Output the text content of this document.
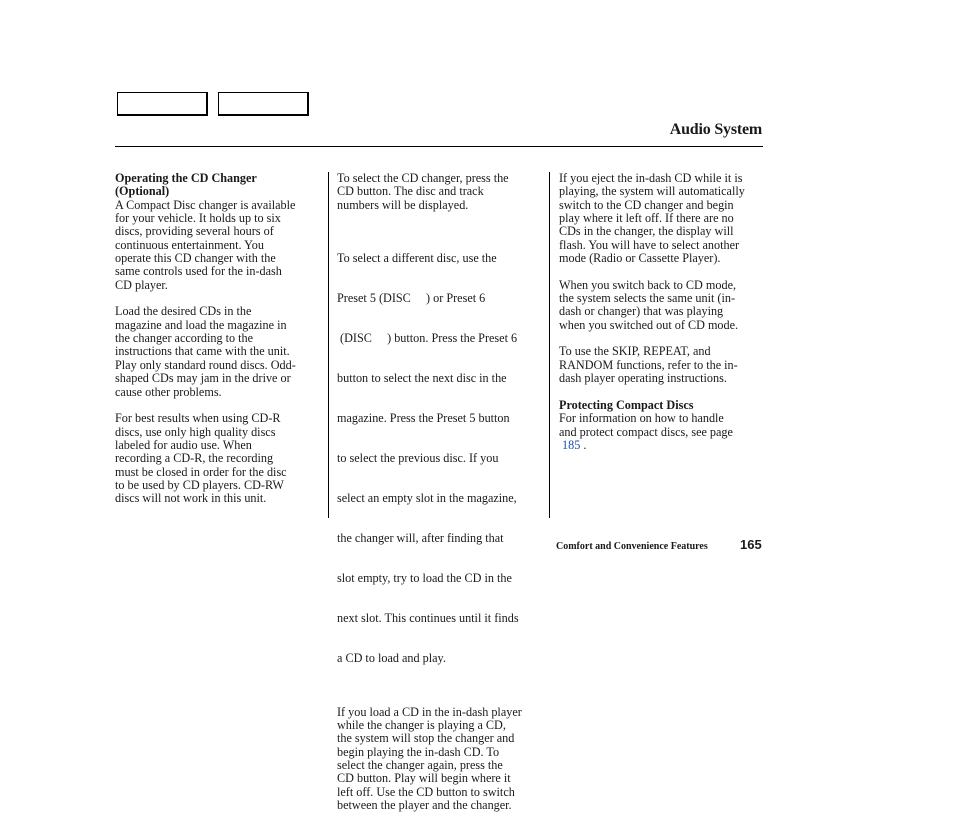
Audio System
Operating the CD Changer
(Optional)

A Compact Disc changer is available
for your vehicle. It holds up to six
discs, providing several hours of
continuous entertainment. You
operate this CD changer with the
same controls used for the in-dash
CD player.

Load the desired CDs in the
magazine and load the magazine in
the changer according to the
instructions that came with the unit.
Play only standard round discs. Odd-
shaped CDs may jam in the drive or
cause other problems.

For best results when using CD-R
discs, use only high quality discs
labeled for audio use. When
recording a CD-R, the recording
must be closed in order for the disc
to be used by CD players. CD-RW
discs will not work in this unit.

To select the CD changer, press the
CD button. The disc and track
numbers will be displayed.

To select a different disc, use the

Preset 5 (DISC     ) or Preset 6

(DISC     ) button. Press the Preset 6

button to select the next disc in the

magazine. Press the Preset 5 button

to select the previous disc. If you

select an empty slot in the magazine,

the changer will, after finding that

slot empty, try to load the CD in the

next slot. This continues until it finds

a CD to load and play.

If you load a CD in the in-dash player
while the changer is playing a CD,
the system will stop the changer and
begin playing the in-dash CD. To
select the changer again, press the
CD button. Play will begin where it
left off. Use the CD button to switch
between the player and the changer.

If you eject the in-dash CD while it is
playing, the system will automatically
switch to the CD changer and begin
play where it left off. If there are no
CDs in the changer, the display will
flash. You will have to select another
mode (Radio or Cassette Player).

When you switch back to CD mode,
the system selects the same unit (in-
dash or changer) that was playing
when you switched out of CD mode.

To use the SKIP, REPEAT, and
RANDOM functions, refer to the in-
dash player operating instructions.

Protecting Compact Discs

For information on how to handle
and protect compact discs, see page
185 .

Comfort and Convenience Features 165
